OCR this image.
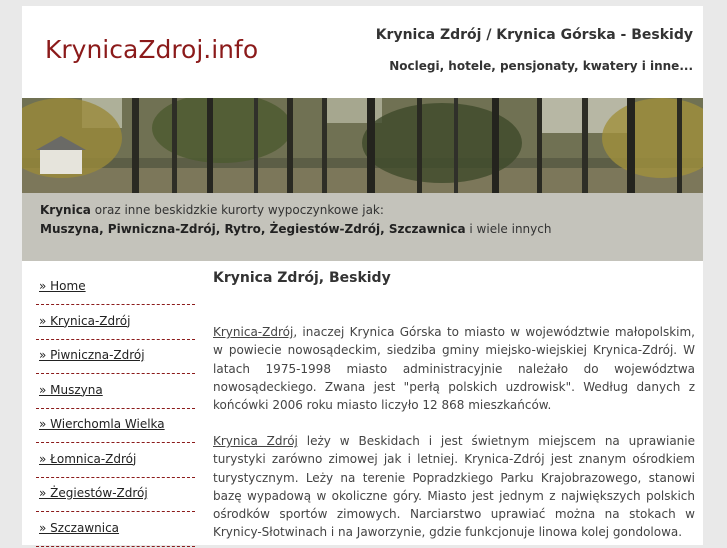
KrynicaZdroj.info	Krynica Zdrój / Krynica Górska - Beskidy
Noclegi, hotele, pensjonaty, kwatery i inne...
Krynica oraz inne beskidzkie kurorty wypoczynkowe jak:
Muszyna, Piwniczna-Zdrój, Rytro, Żegiestów-Zdrój, Szczawnica i wiele innych
» Home
» Krynica-Zdrój
» Piwniczna-Zdrój
» Muszyna
» Wierchomla Wielka
» Łomnica-Zdrój
» Żegiestów-Zdrój
» Szczawnica
Krynica Zdrój, Beskidy

Krynica-Zdrój, inaczej Krynica Górska to miasto w województwie małopolskim, w powiecie nowosądeckim, siedziba gminy miejsko-wiejskiej Krynica-Zdrój. W latach 1975-1998 miasto administracyjnie należało do województwa nowosądeckiego. Zwana jest "perłą polskich uzdrowisk". Według danych z końcówki 2006 roku miasto liczyło 12 868 mieszkańców.

Krynica Zdrój leży w Beskidach i jest świetnym miejscem na uprawianie turystyki zarówno zimowej jak i letniej. Krynica-Zdrój jest znanym ośrodkiem turystycznym. Leży na terenie Popradzkiego Parku Krajobrazowego, stanowi bazę wypadową w okoliczne góry. Miasto jest jednym z największych polskich ośrodków sportów zimowych. Narciarstwo uprawiać można na stokach w Krynicy-Słotwinach i na Jaworzynie, gdzie funkcjonuje linowa kolej gondolowa.
